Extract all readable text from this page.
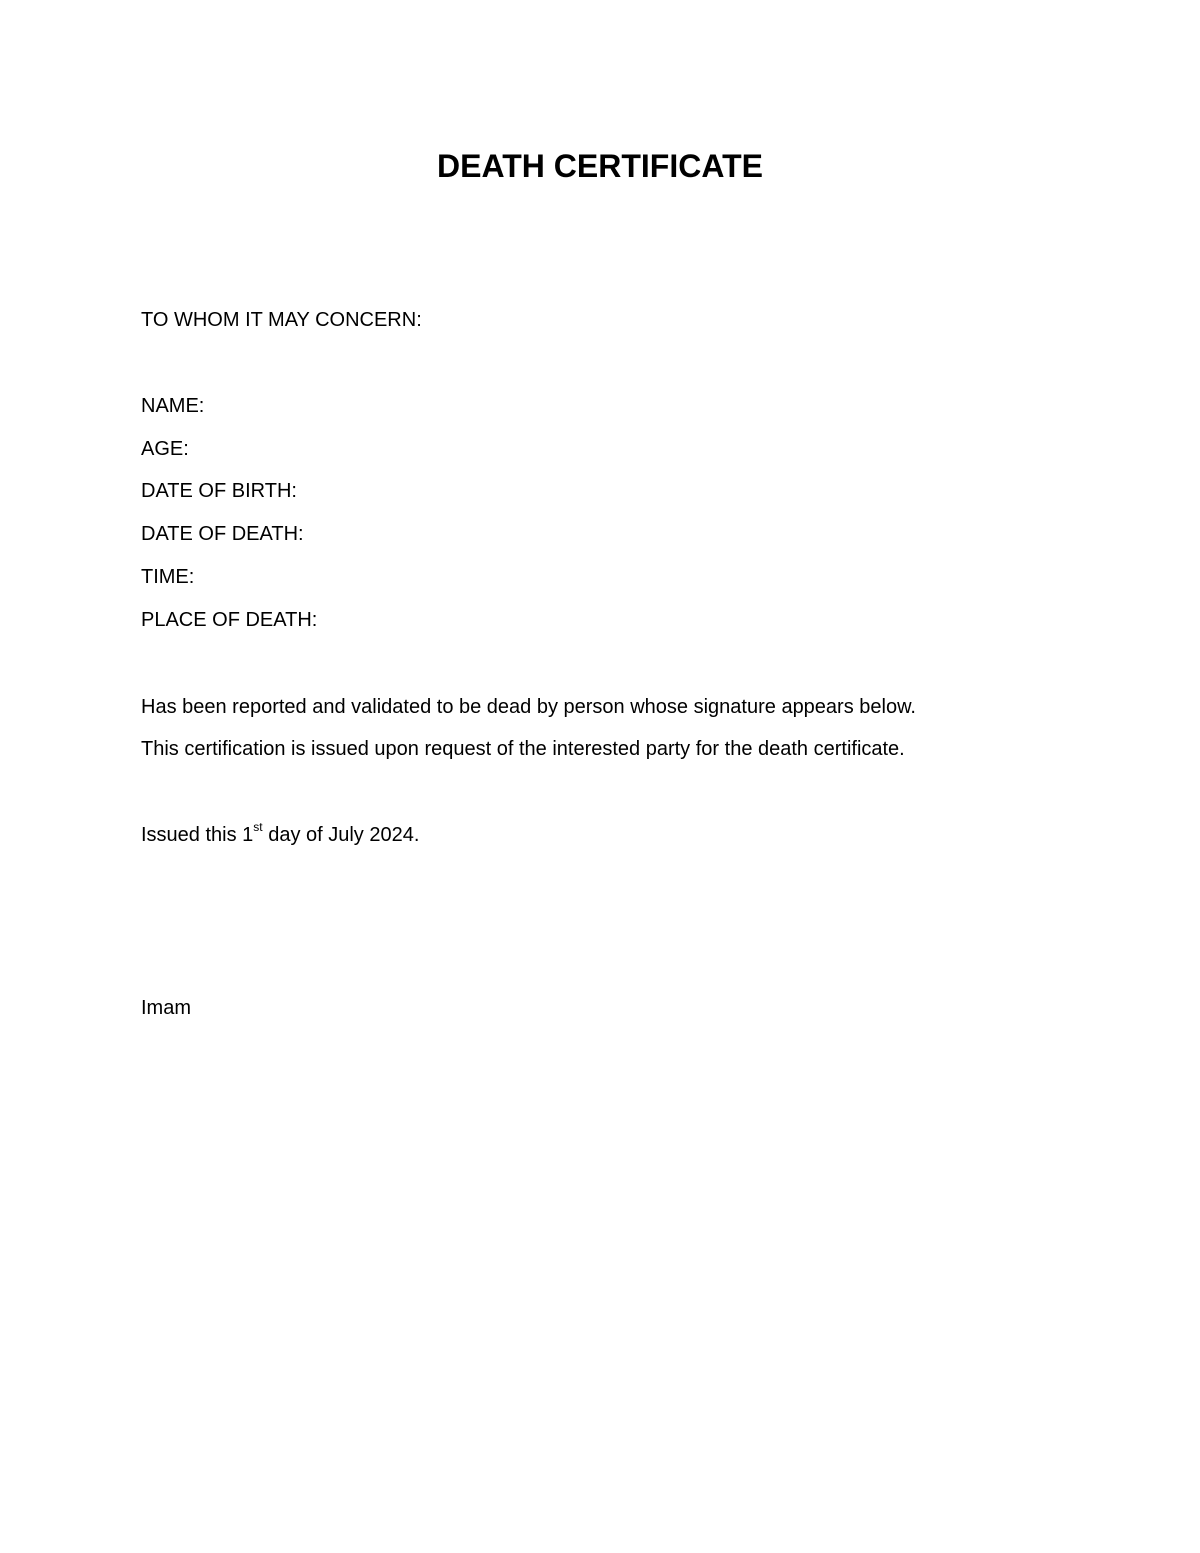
DEATH CERTIFICATE

TO WHOM IT MAY CONCERN:

NAME:

AGE:

DATE OF BIRTH:

DATE OF DEATH:

TIME:

PLACE OF DEATH:

Has been reported and validated to be dead by person whose signature appears below.

This certification is issued upon request of the interested party for the death certificate.

Issued this 1st day of July 2024.

Imam
